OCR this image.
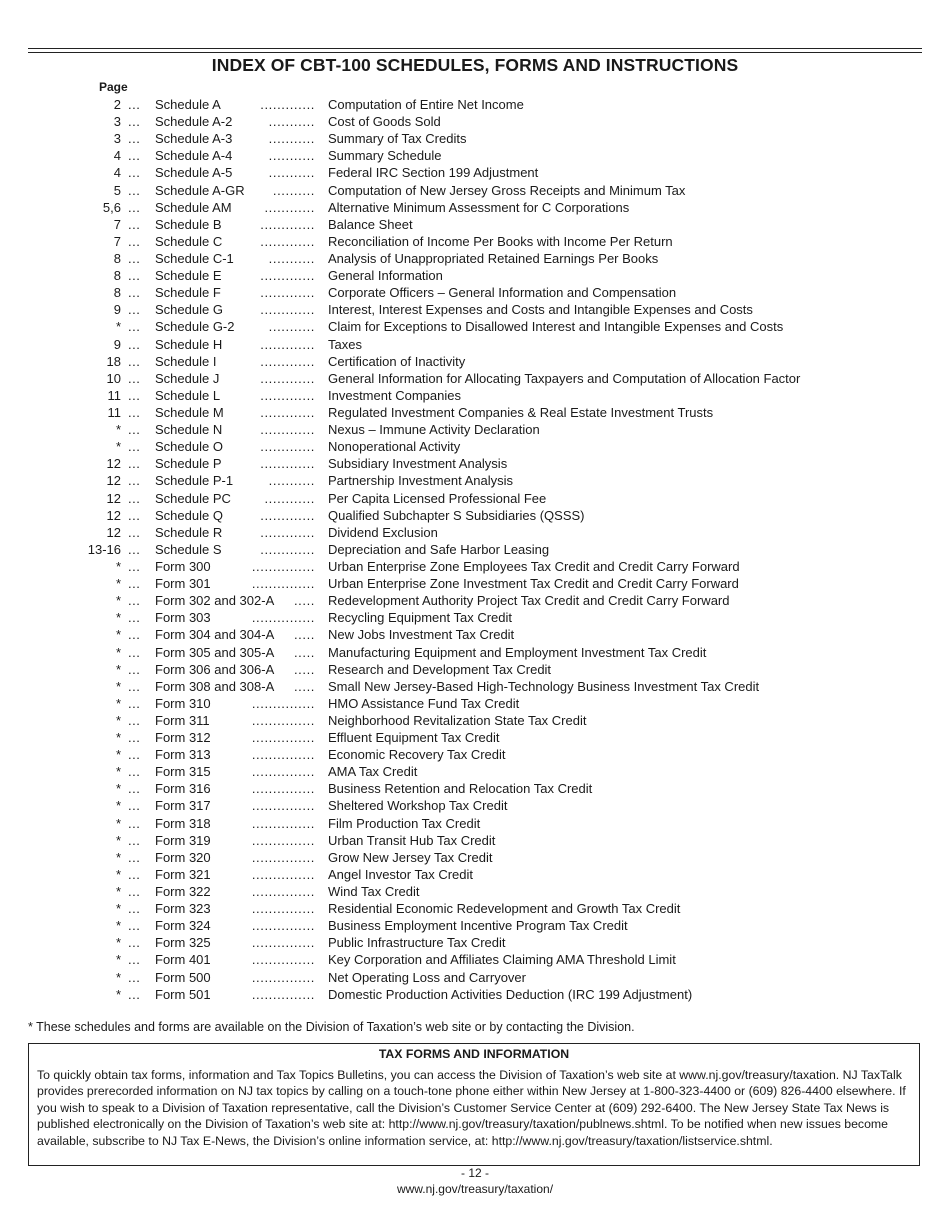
INDEX OF CBT-100 SCHEDULES, FORMS AND INSTRUCTIONS
Page
2 ... Schedule A	............. Computation of Entire Net Income
3 ... Schedule A-2	........... Cost of Goods Sold
3 ... Schedule A-3	........... Summary of Tax Credits
4 ... Schedule A-4	........... Summary Schedule
4 ... Schedule A-5	........... Federal IRC Section 199 Adjustment
5 ... Schedule A-GR .......... Computation of New Jersey Gross Receipts and Minimum Tax
5,6 ... Schedule AM	............ Alternative Minimum Assessment for C Corporations
7 ... Schedule B	............. Balance Sheet
7 ... Schedule C	............. Reconciliation of Income Per Books with Income Per Return
8 ... Schedule C-1	........... Analysis of Unappropriated Retained Earnings Per Books
8 ... Schedule E	............. General Information
8 ... Schedule F	............. Corporate Officers – General Information and Compensation
9 ... Schedule G	............. Interest, Interest Expenses and Costs and Intangible Expenses and Costs
* ... Schedule G-2	........... Claim for Exceptions to Disallowed Interest and Intangible Expenses and Costs
9 ... Schedule H	............. Taxes
18 ... Schedule I	............. Certification of Inactivity
10 ... Schedule J	............. General Information for Allocating Taxpayers and Computation of Allocation Factor
11 ... Schedule L	............. Investment Companies
11 ... Schedule M	............. Regulated Investment Companies & Real Estate Investment Trusts
* ... Schedule N	............. Nexus – Immune Activity Declaration
* ... Schedule O	............. Nonoperational Activity
12 ... Schedule P	............. Subsidiary Investment Analysis
12 ... Schedule P-1	........... Partnership Investment Analysis
12 ... Schedule PC	............ Per Capita Licensed Professional Fee
12 ... Schedule Q	............. Qualified Subchapter S Subsidiaries (QSSS)
12 ... Schedule R	............. Dividend Exclusion
13-16 ... Schedule S	............. Depreciation and Safe Harbor Leasing
* ... Form 300	............... Urban Enterprise Zone Employees Tax Credit and Credit Carry Forward
* ... Form 301	............... Urban Enterprise Zone Investment Tax Credit and Credit Carry Forward
* ... Form 302 and 302-A ..... Redevelopment Authority Project Tax Credit and Credit Carry Forward
* ... Form 303	............... Recycling Equipment Tax Credit
* ... Form 304 and 304-A ..... New Jobs Investment Tax Credit
* ... Form 305 and 305-A ..... Manufacturing Equipment and Employment Investment Tax Credit
* ... Form 306 and 306-A ..... Research and Development Tax Credit
* ... Form 308 and 308-A ..... Small New Jersey-Based High-Technology Business Investment Tax Credit
* ... Form 310	............... HMO Assistance Fund Tax Credit
* ... Form 311	............... Neighborhood Revitalization State Tax Credit
* ... Form 312	............... Effluent Equipment Tax Credit
* ... Form 313	............... Economic Recovery Tax Credit
* ... Form 315	............... AMA Tax Credit
* ... Form 316	............... Business Retention and Relocation Tax Credit
* ... Form 317	............... Sheltered Workshop Tax Credit
* ... Form 318	............... Film Production Tax Credit
* ... Form 319	............... Urban Transit Hub Tax Credit
* ... Form 320	............... Grow New Jersey Tax Credit
* ... Form 321	............... Angel Investor Tax Credit
* ... Form 322	............... Wind Tax Credit
* ... Form 323	............... Residential Economic Redevelopment and Growth Tax Credit
* ... Form 324	............... Business Employment Incentive Program Tax Credit
* ... Form 325	............... Public Infrastructure Tax Credit
* ... Form 401	............... Key Corporation and Affiliates Claiming AMA Threshold Limit
* ... Form 500	............... Net Operating Loss and Carryover
* ... Form 501	............... Domestic Production Activities Deduction (IRC 199 Adjustment)
* These schedules and forms are available on the Division of Taxation’s web site or by contacting the Division.
TAX FORMS AND INFORMATION

To quickly obtain tax forms, information and Tax Topics Bulletins, you can access the Division of Taxation’s web site at www.nj.gov/treasury/taxation. NJ TaxTalk provides prerecorded information on NJ tax topics by calling on a touch-tone phone either within New Jersey at 1-800-323-4400 or (609) 826-4400 elsewhere. If you wish to speak to a Division of Taxation representative, call the Division’s Customer Service Center at (609) 292-6400. The New Jersey State Tax News is published electronically on the Division of Taxation’s web site at: http://www.nj.gov/treasury/taxation/publnews.shtml. To be notified when new issues become available, subscribe to NJ Tax E-News, the Division’s online information service, at: http://www.nj.gov/treasury/taxation/listservice.shtml.

- 12 -
www.nj.gov/treasury/taxation/
